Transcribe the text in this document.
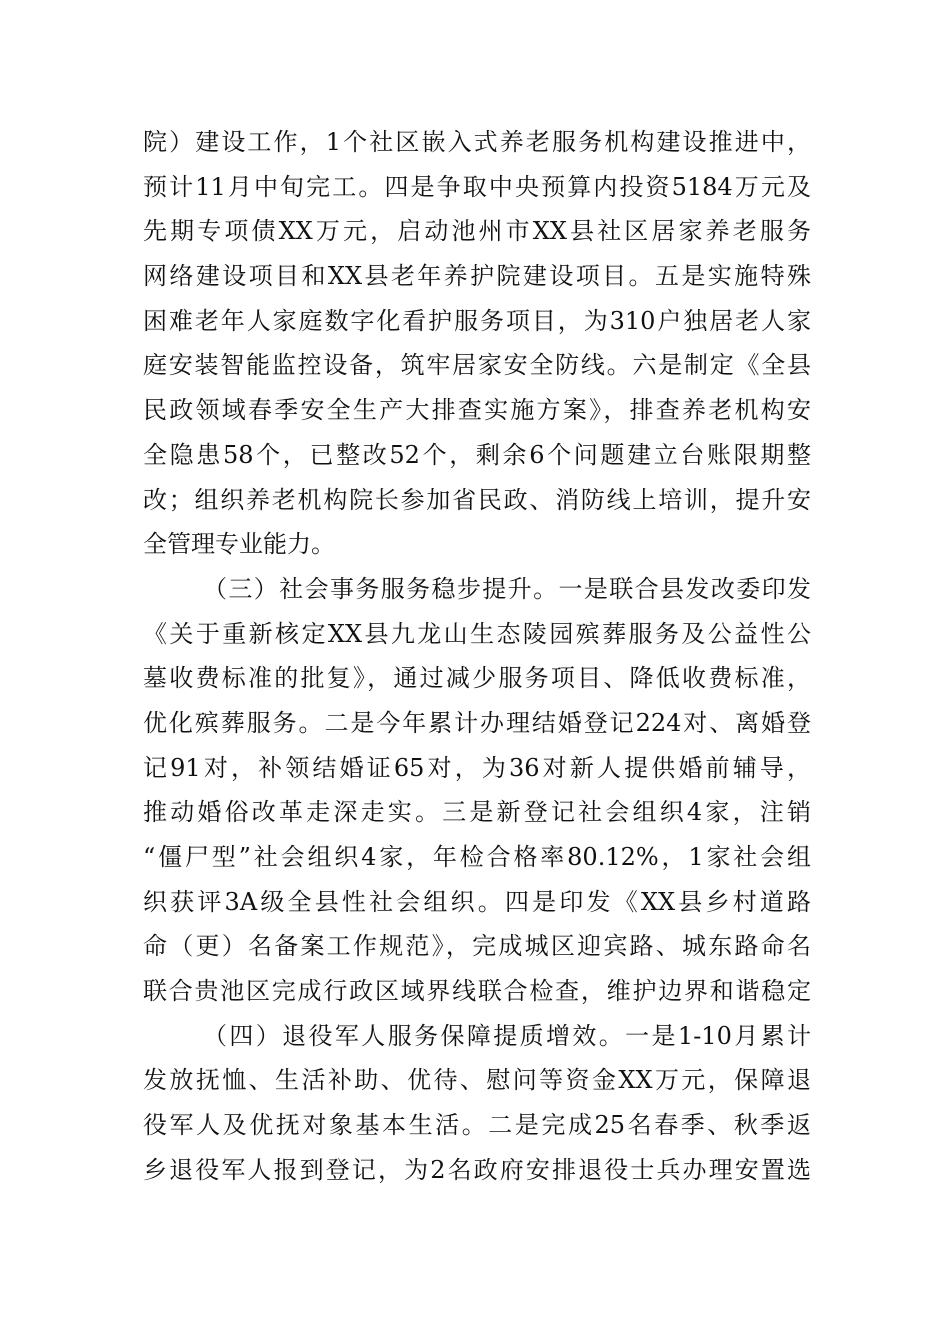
院）建设工作，1个社区嵌入式养老服务机构建设推进中，
预计11月中旬完工。四是争取中央预算内投资5184万元及
先期专项债XX万元，启动池州市XX县社区居家养老服务
网络建设项目和XX县老年养护院建设项目。五是实施特殊
困难老年人家庭数字化看护服务项目，为310户独居老人家
庭安装智能监控设备，筑牢居家安全防线。六是制定《全县
民政领域春季安全生产大排查实施方案》，排查养老机构安
全隐患58个，已整改52个，剩余6个问题建立台账限期整
改；组织养老机构院长参加省民政、消防线上培训，提升安
全管理专业能力。
（三）社会事务服务稳步提升。一是联合县发改委印发
《关于重新核定XX县九龙山生态陵园殡葬服务及公益性公
墓收费标准的批复》，通过减少服务项目、降低收费标准，
优化殡葬服务。二是今年累计办理结婚登记224对、离婚登
记91对，补领结婚证65对，为36对新人提供婚前辅导，
推动婚俗改革走深走实。三是新登记社会组织4家，注销
“僵尸型”社会组织4家，年检合格率80.12%，1家社会组
织获评3A级全县性社会组织。四是印发《XX县乡村道路
命（更）名备案工作规范》，完成城区迎宾路、城东路命名
联合贵池区完成行政区域界线联合检查，维护边界和谐稳定
（四）退役军人服务保障提质增效。一是1-10月累计
发放抚恤、生活补助、优待、慰问等资金XX万元，保障退
役军人及优抚对象基本生活。二是完成25名春季、秋季返
乡退役军人报到登记，为2名政府安排退役士兵办理安置选
